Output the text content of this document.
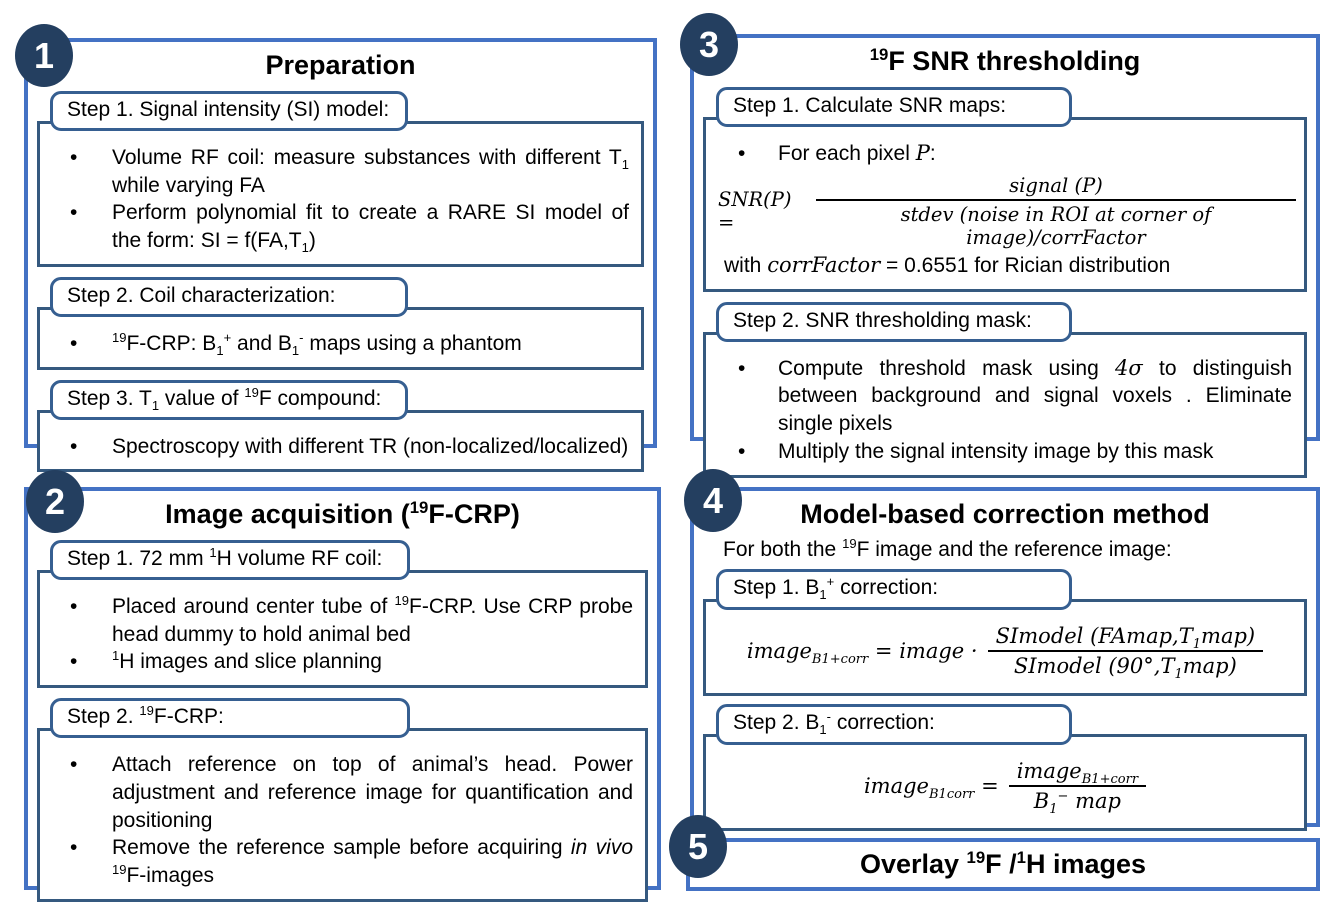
1
2
3
4
5
Preparation
Step 1. Signal intensity (SI) model:
• Volume RF coil: measure substances with different $T_1$ while varying FA
• Perform polynomial fit to create a RARE SI model of the form: SI = $f(FA,T_1)$
Step 2. Coil characterization:
• $^{19}$F-CRP: $B_1^+$ and $B_1^-$ maps using a phantom
Step 3. $T_1$ value of $^{19}$F compound:
• Spectroscopy with different TR (non-localized/localized)
Image acquisition ($^{19}$F-CRP)
Step 1. 72 mm $^1$H volume RF coil:
• Placed around center tube of $^{19}$F-CRP. Use CRP probe head dummy to hold animal bed
• $^1$H images and slice planning
Step 2. $^{19}$F-CRP:
• Attach reference on top of animal’s head. Power adjustment and reference image for quantification and positioning
• Remove the reference sample before acquiring in vivo $^{19}$F-images
$^{19}$F SNR thresholding
Step 1. Calculate SNR maps:
• For each pixel P:
SNR(P) =	$\frac{\text{signal (P)}}{\text{stdev (noise in ROI at corner of image)/corrFactor}}$
with corrFactor = 0.6551 for Rician distribution
Step 2. SNR thresholding mask:
• Compute threshold mask using 4σ to distinguish between background and signal voxels . Eliminate single pixels
• Multiply the signal intensity image by this mask
Model-based correction method
For both the $^{19}$F image and the reference image:
Step 1. $B_1^+$ correction:
image$_{B1+corr}$ = image · $\frac{SImodel (FAmap,T_1map)}{SImodel (90^\circ,T_1map)}$
Step 2. $B_1^-$ correction:
image$_{B1corr}$ = $\frac{image_{B1+corr}}{B_1^- map}$
Overlay $^{19}$F /$^1$H images
